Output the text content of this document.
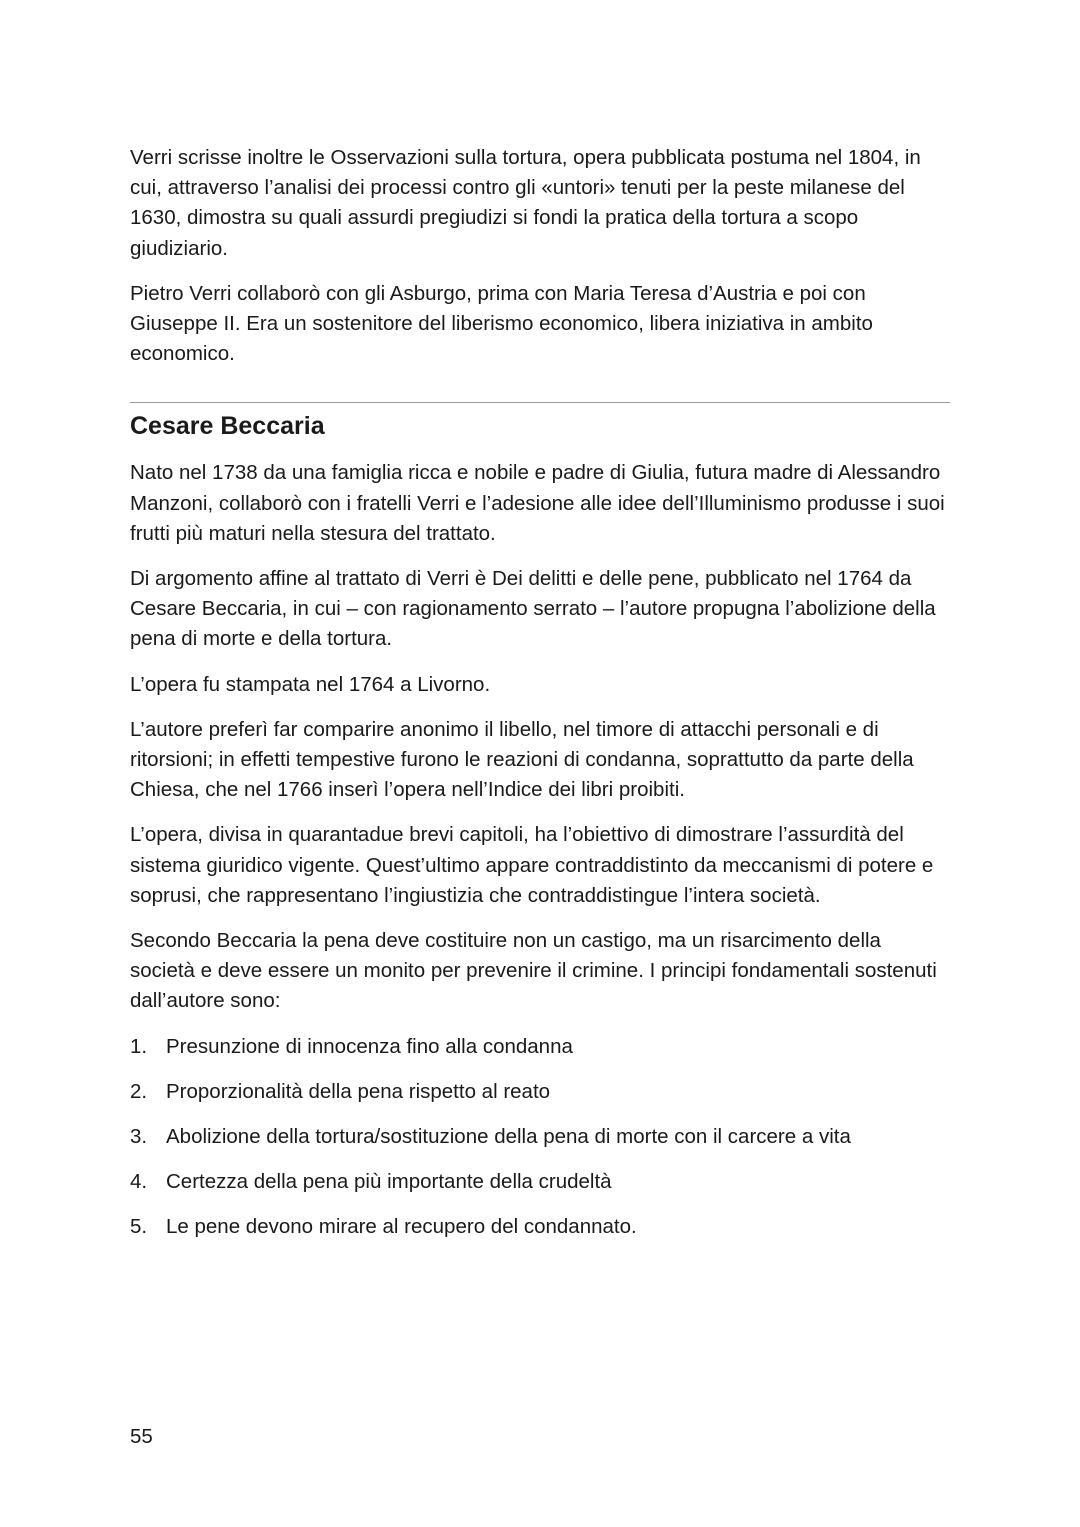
Verri scrisse inoltre le Osservazioni sulla tortura, opera pubblicata postuma nel 1804, in cui, attraverso l’analisi dei processi contro gli «untori» tenuti per la peste milanese del 1630, dimostra su quali assurdi pregiudizi si fondi la pratica della tortura a scopo giudiziario.

Pietro Verri collaborò con gli Asburgo, prima con Maria Teresa d’Austria e poi con Giuseppe II. Era un sostenitore del liberismo economico, libera iniziativa in ambito economico.

Cesare Beccaria

Nato nel 1738 da una famiglia ricca e nobile e padre di Giulia, futura madre di Alessandro Manzoni, collaborò con i fratelli Verri e l’adesione alle idee dell’Illuminismo produsse i suoi frutti più maturi nella stesura del trattato.

Di argomento affine al trattato di Verri è Dei delitti e delle pene, pubblicato nel 1764 da Cesare Beccaria, in cui – con ragionamento serrato – l’autore propugna l’abolizione della pena di morte e della tortura.

L’opera fu stampata nel 1764 a Livorno.

L’autore preferì far comparire anonimo il libello, nel timore di attacchi personali e di ritorsioni; in effetti tempestive furono le reazioni di condanna, soprattutto da parte della Chiesa, che nel 1766 inserì l’opera nell’Indice dei libri proibiti.

L’opera, divisa in quarantadue brevi capitoli, ha l’obiettivo di dimostrare l’assurdità del sistema giuridico vigente. Quest’ultimo appare contraddistinto da meccanismi di potere e soprusi, che rappresentano l’ingiustizia che contraddistingue l’intera società.

Secondo Beccaria la pena deve costituire non un castigo, ma un risarcimento della società e deve essere un monito per prevenire il crimine. I principi fondamentali sostenuti dall’autore sono:

1. Presunzione di innocenza fino alla condanna
2. Proporzionalità della pena rispetto al reato
3. Abolizione della tortura/sostituzione della pena di morte con il carcere a vita
4. Certezza della pena più importante della crudeltà
5. Le pene devono mirare al recupero del condannato.
55
